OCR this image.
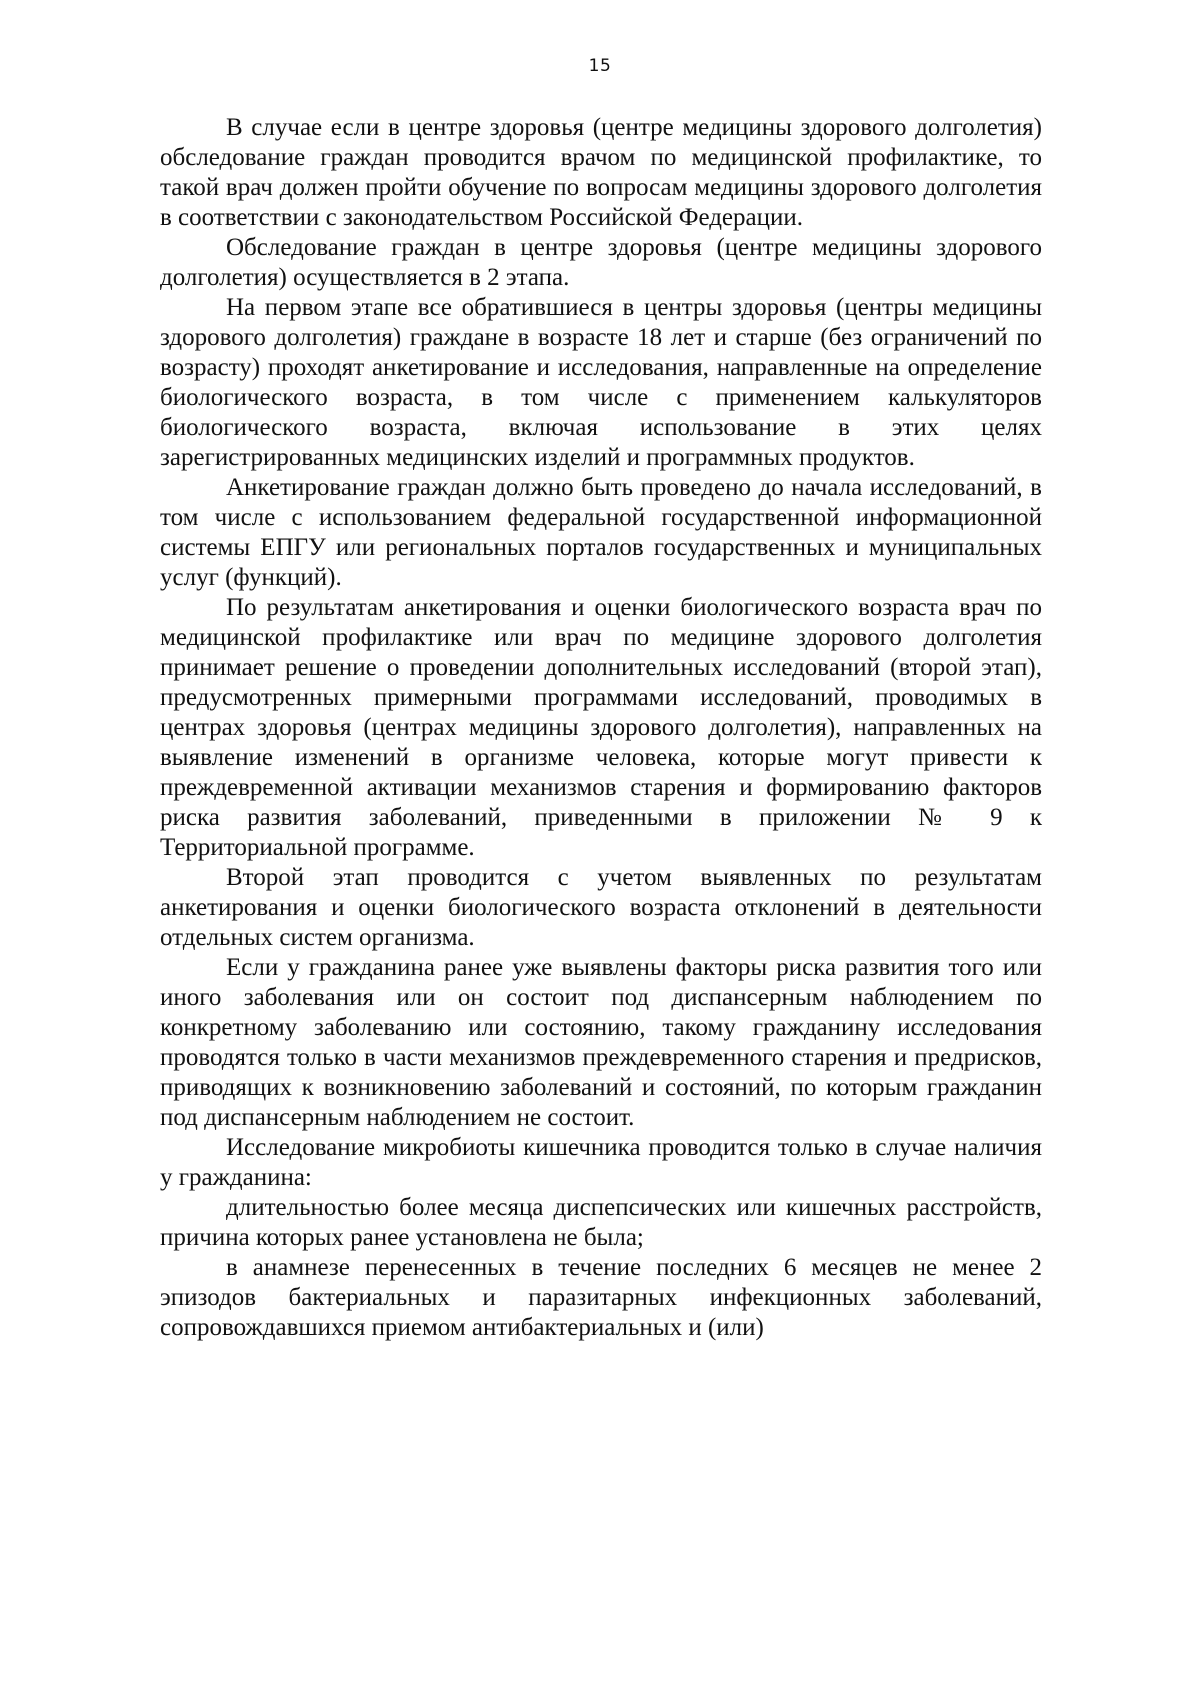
15

В случае если в центре здоровья (центре медицины здорового долголетия) обследование граждан проводится врачом по медицинской профилактике, то такой врач должен пройти обучение по вопросам медицины здорового долголетия в соответствии с законодательством Российской Федерации.

Обследование граждан в центре здоровья (центре медицины здорового долголетия) осуществляется в 2 этапа.

На первом этапе все обратившиеся в центры здоровья (центры медицины здорового долголетия) граждане в возрасте 18 лет и старше (без ограничений по возрасту) проходят анкетирование и исследования, направленные на определение биологического возраста, в том числе с применением калькуляторов биологического возраста, включая использование в этих целях зарегистрированных медицинских изделий и программных продуктов.

Анкетирование граждан должно быть проведено до начала исследований, в том числе с использованием федеральной государственной информационной системы ЕПГУ или региональных порталов государственных и муниципальных услуг (функций).

По результатам анкетирования и оценки биологического возраста врач по медицинской профилактике или врач по медицине здорового долголетия принимает решение о проведении дополнительных исследований (второй этап), предусмотренных примерными программами исследований, проводимых в центрах здоровья (центрах медицины здорового долголетия), направленных на выявление изменений в организме человека, которые могут привести к преждевременной активации механизмов старения и формированию факторов риска развития заболеваний, приведенными в приложении № 9 к Территориальной программе.

Второй этап проводится с учетом выявленных по результатам анкетирования и оценки биологического возраста отклонений в деятельности отдельных систем организма.

Если у гражданина ранее уже выявлены факторы риска развития того или иного заболевания или он состоит под диспансерным наблюдением по конкретному заболеванию или состоянию, такому гражданину исследования проводятся только в части механизмов преждевременного старения и предрисков, приводящих к возникновению заболеваний и состояний, по которым гражданин под диспансерным наблюдением не состоит.

Исследование микробиоты кишечника проводится только в случае наличия у гражданина:

длительностью более месяца диспепсических или кишечных расстройств, причина которых ранее установлена не была;

в анамнезе перенесенных в течение последних 6 месяцев не менее 2 эпизодов бактериальных и паразитарных инфекционных заболеваний, сопровождавшихся приемом антибактериальных и (или)
